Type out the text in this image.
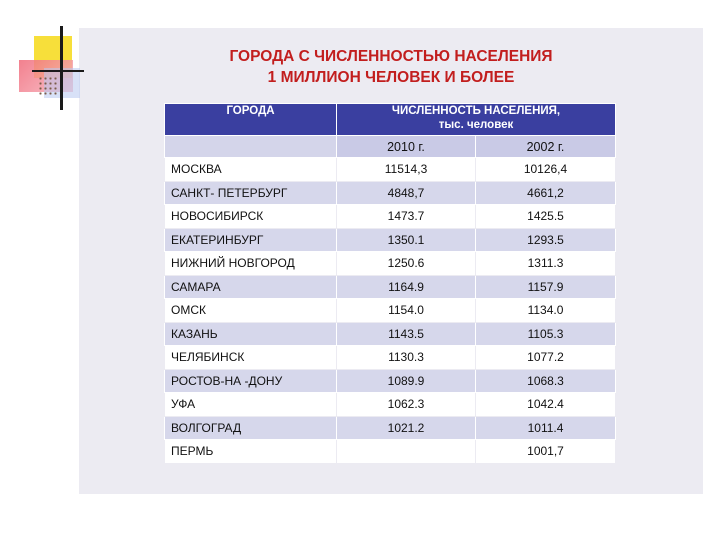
ГОРОДА С ЧИСЛЕННОСТЬЮ НАСЕЛЕНИЯ
1 МИЛЛИОН ЧЕЛОВЕК И БОЛЕЕ
ГОРОДА	ЧИСЛЕННОСТЬ НАСЕЛЕНИЯ,
тыс. человек	

	2010 г.	2002 г.
МОСКВА	11514,3	10126,4
САНКТ- ПЕТЕРБУРГ	4848,7	4661,2
НОВОСИБИРСК	1473.7	1425.5
ЕКАТЕРИНБУРГ	1350.1	1293.5
НИЖНИЙ НОВГОРОД	1250.6	1311.3
САМАРА	1164.9	1157.9
ОМСК	1154.0	1134.0
КАЗАНЬ	1143.5	1105.3
ЧЕЛЯБИНСК	1130.3	1077.2
РОСТОВ-НА -ДОНУ	1089.9	1068.3
УФА	1062.3	1042.4
ВОЛГОГРАД	1021.2	1011.4
ПЕРМЬ		1001,7
